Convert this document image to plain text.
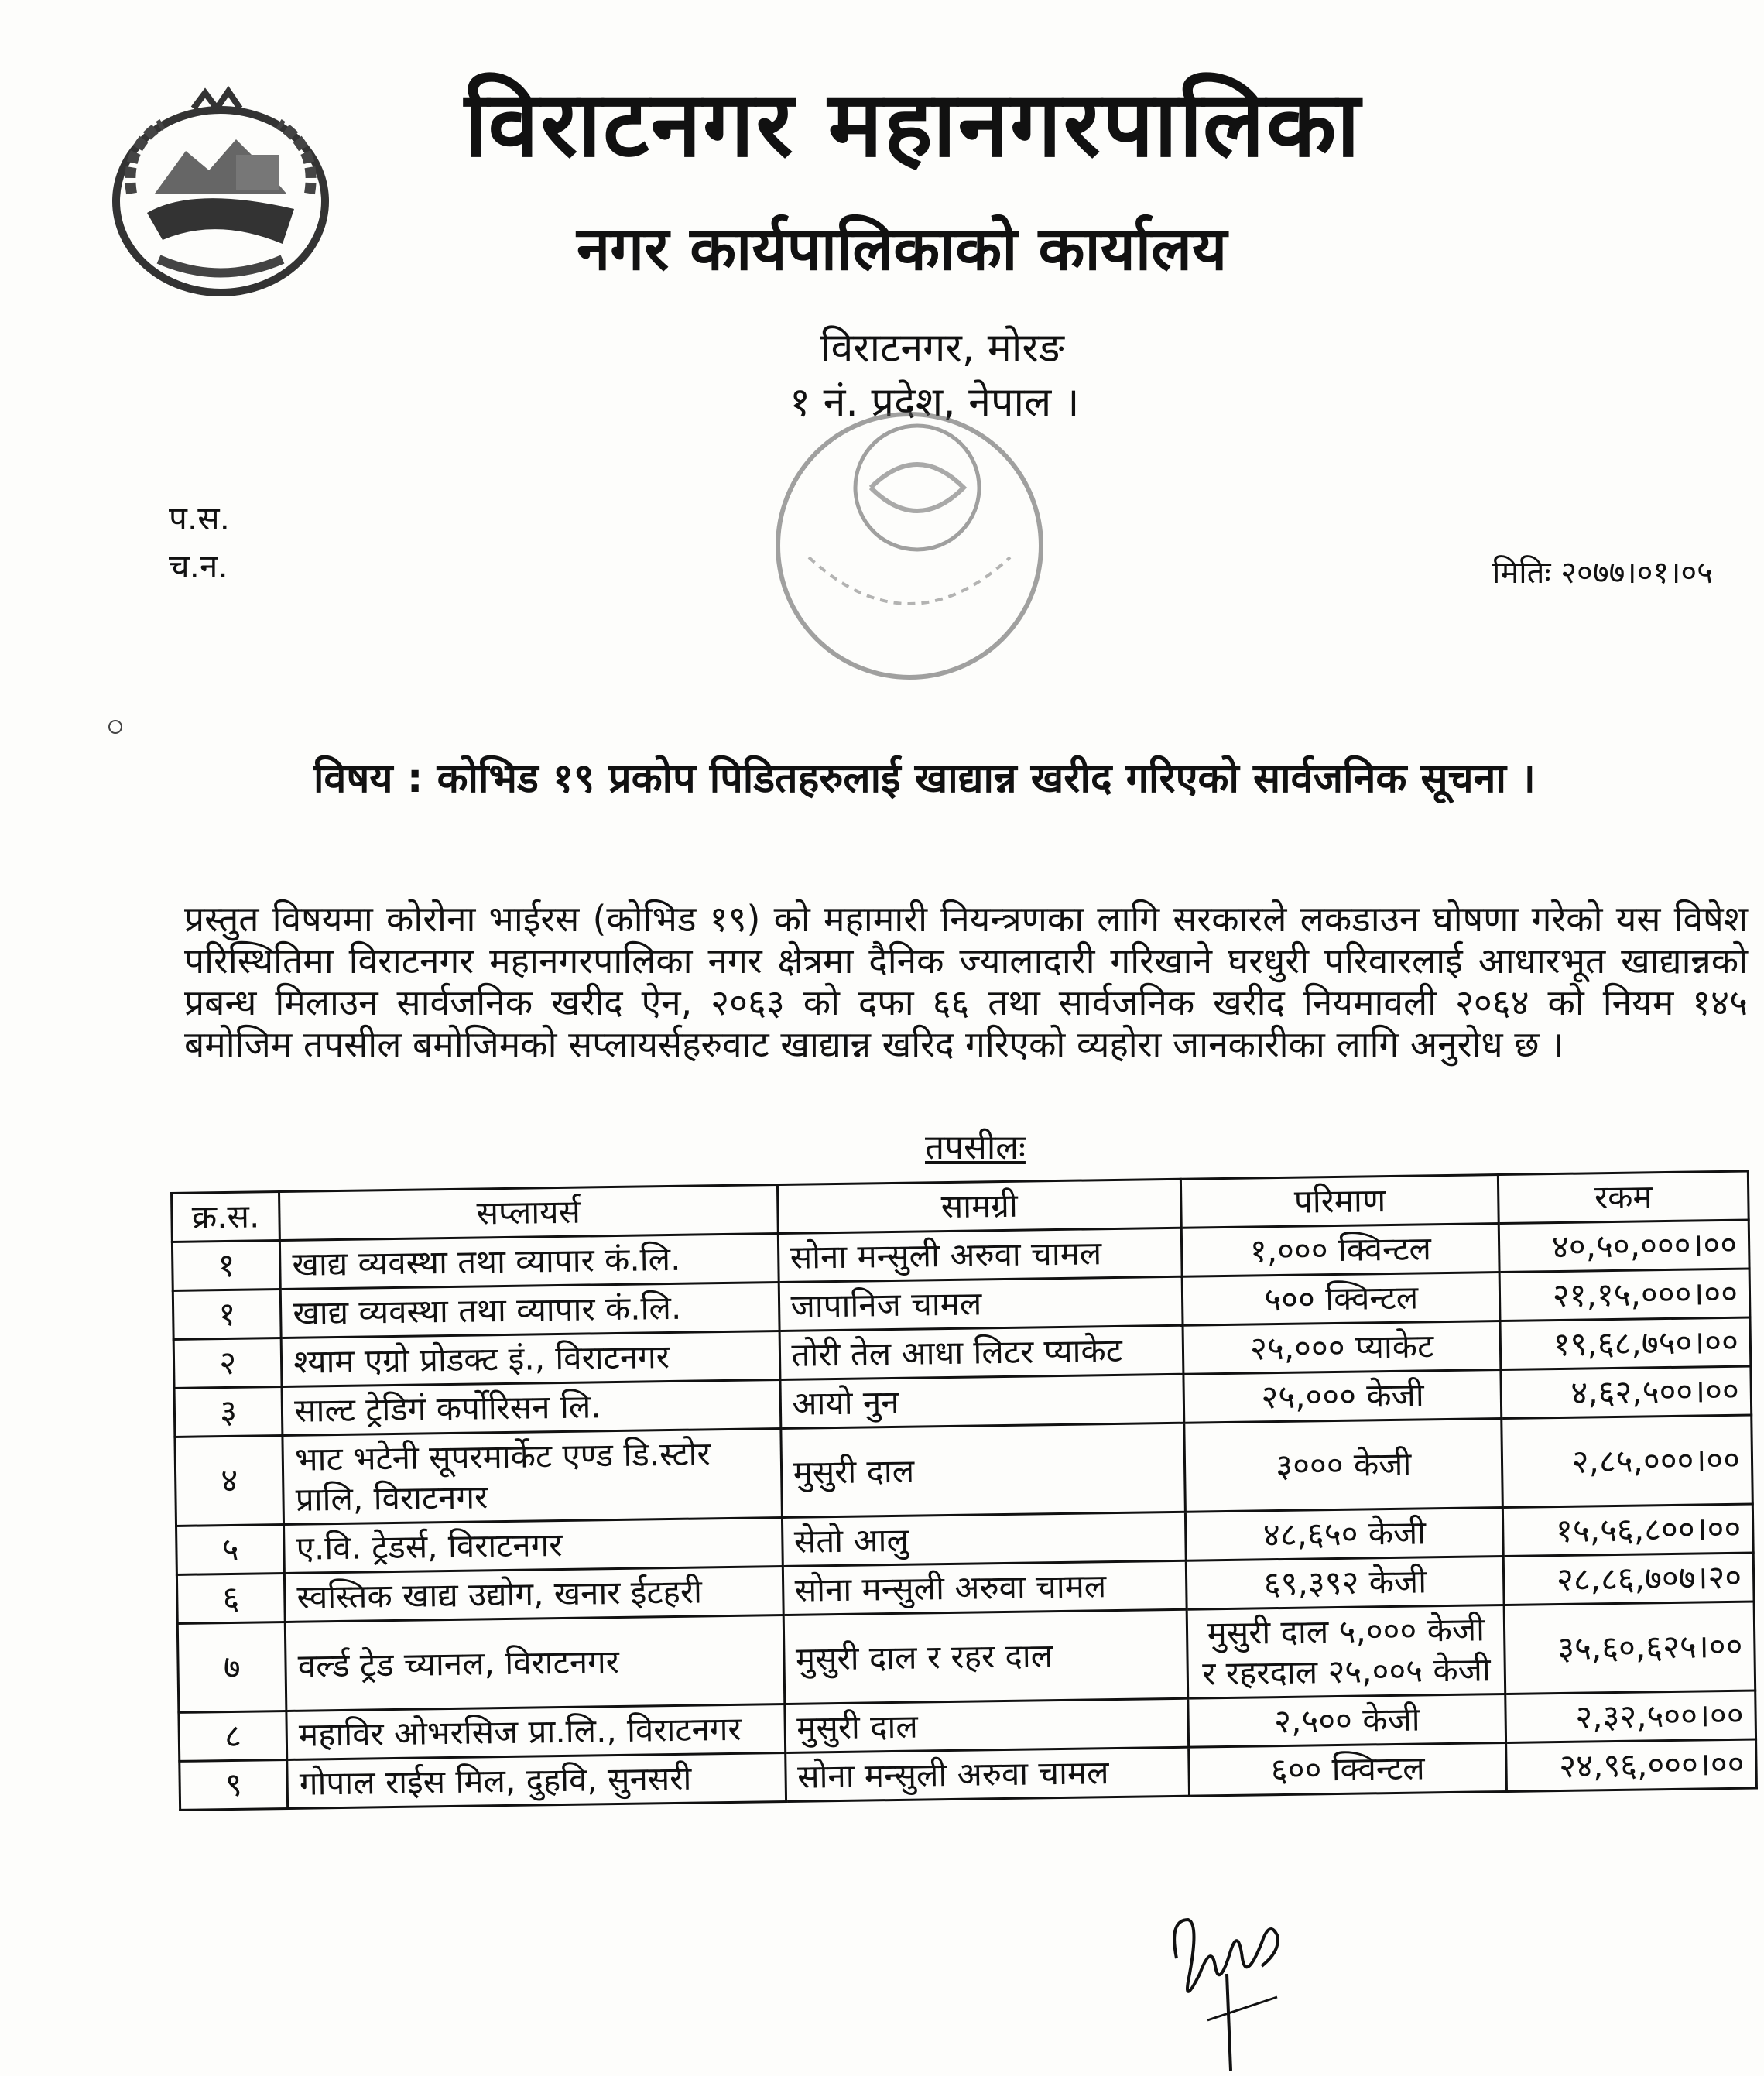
विराटनगर महानगरपालिका
नगर कार्यपालिकाको कार्यालय
विराटनगर, मोरङ
१ नं. प्रदेश, नेपाल ।
प.स.
च.न.	मितिः २०७७।०१।०५
विषय : कोभिड १९ प्रकोप पिडितहरुलाई खाद्यान्न खरीद गरिएको सार्वजनिक सूचना ।
प्रस्तुत विषयमा कोरोना भाईरस (कोभिड १९) को महामारी नियन्त्रणका लागि सरकारले लकडाउन घोषणा गरेको यस विषेश परिस्थितिमा विराटनगर महानगरपालिका नगर क्षेत्रमा दैनिक ज्यालादारी गरिखाने घरधुरी परिवारलाई आधारभूत खाद्यान्नको प्रबन्ध मिलाउन सार्वजनिक खरीद ऐन, २०६३ को दफा ६६ तथा सार्वजनिक खरीद नियमावली २०६४ को नियम १४५ बमोजिम तपसील बमोजिमको सप्लायर्सहरुवाट खाद्यान्न खरिद गरिएको व्यहोरा जानकारीका लागि अनुरोध छ ।
तपसीलः
क्र.स.	सप्लायर्स	सामग्री	परिमाण	रकम
१	खाद्य व्यवस्था तथा व्यापार कं.लि.	सोना मन्सुली अरुवा चामल	१,००० क्विन्टल	४०,५०,०००।००
१	खाद्य व्यवस्था तथा व्यापार कं.लि.	जापानिज चामल	५०० क्विन्टल	२१,१५,०००।००
२	श्याम एग्रो प्रोडक्ट इं., विराटनगर	तोरी तेल आधा लिटर प्याकेट	२५,००० प्याकेट	१९,६८,७५०।००
३	साल्ट ट्रेडिगं कर्पोरिसन लि.	आयो नुन	२५,००० केजी	४,६२,५००।००
४	भाट भटेनी सूपरमार्केट एण्ड डि.स्टोर प्रालि, विराटनगर	मुसुरी दाल	३००० केजी	२,८५,०००।००
५	ए.वि. ट्रेडर्स, विराटनगर	सेतो आलु	४८,६५० केजी	१५,५६,८००।००
६	स्वस्तिक खाद्य उद्योग, खनार ईटहरी	सोना मन्सुली अरुवा चामल	६९,३९२ केजी	२८,८६,७०७।२०
७	वर्ल्ड ट्रेड च्यानल, विराटनगर	मुसुरी दाल र रहर दाल	मुसुरी दाल ५,००० केजी र रहरदाल २५,००५ केजी	३५,६०,६२५।००
८	महाविर ओभरसिज प्रा.लि., विराटनगर	मुसुरी दाल	२,५०० केजी	२,३२,५००।००
९	गोपाल राईस मिल, दुहवि, सुनसरी	सोना मन्सुली अरुवा चामल	६०० क्विन्टल	२४,९६,०००।००
